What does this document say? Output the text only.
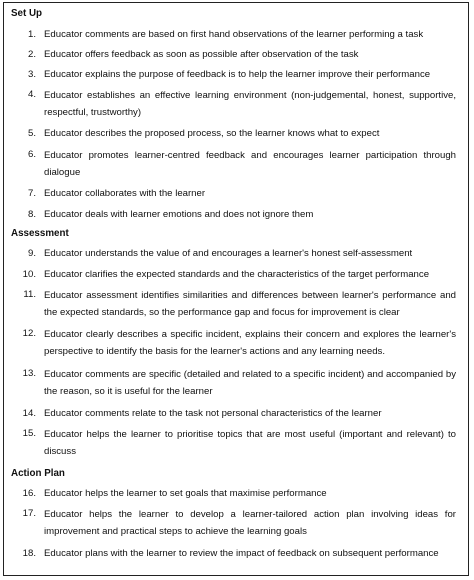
Set Up
1. Educator comments are based on first hand observations of the learner performing a task
2. Educator offers feedback as soon as possible after observation of the task
3. Educator explains the purpose of feedback is to help the learner improve their performance
4. Educator establishes an effective learning environment (non-judgemental, honest, supportive, respectful, trustworthy)
5. Educator describes the proposed process, so the learner knows what to expect
6. Educator promotes learner-centred feedback and encourages learner participation through dialogue
7. Educator collaborates with the learner
8. Educator deals with learner emotions and does not ignore them
Assessment
9. Educator understands the value of and encourages a learner's honest self-assessment
10. Educator clarifies the expected standards and the characteristics of the target performance
11. Educator assessment identifies similarities and differences between learner's performance and the expected standards, so the performance gap and focus for improvement is clear
12. Educator clearly describes a specific incident, explains their concern and explores the learner's perspective to identify the basis for the learner's actions and any learning needs.
13. Educator comments are specific (detailed and related to a specific incident) and accompanied by the reason, so it is useful for the learner
14. Educator comments relate to the task not personal characteristics of the learner
15. Educator helps the learner to prioritise topics that are most useful (important and relevant) to discuss
Action Plan
16. Educator helps the learner to set goals that maximise performance
17. Educator helps the learner to develop a learner-tailored action plan involving ideas for improvement and practical steps to achieve the learning goals
18. Educator plans with the learner to review the impact of feedback on subsequent performance
